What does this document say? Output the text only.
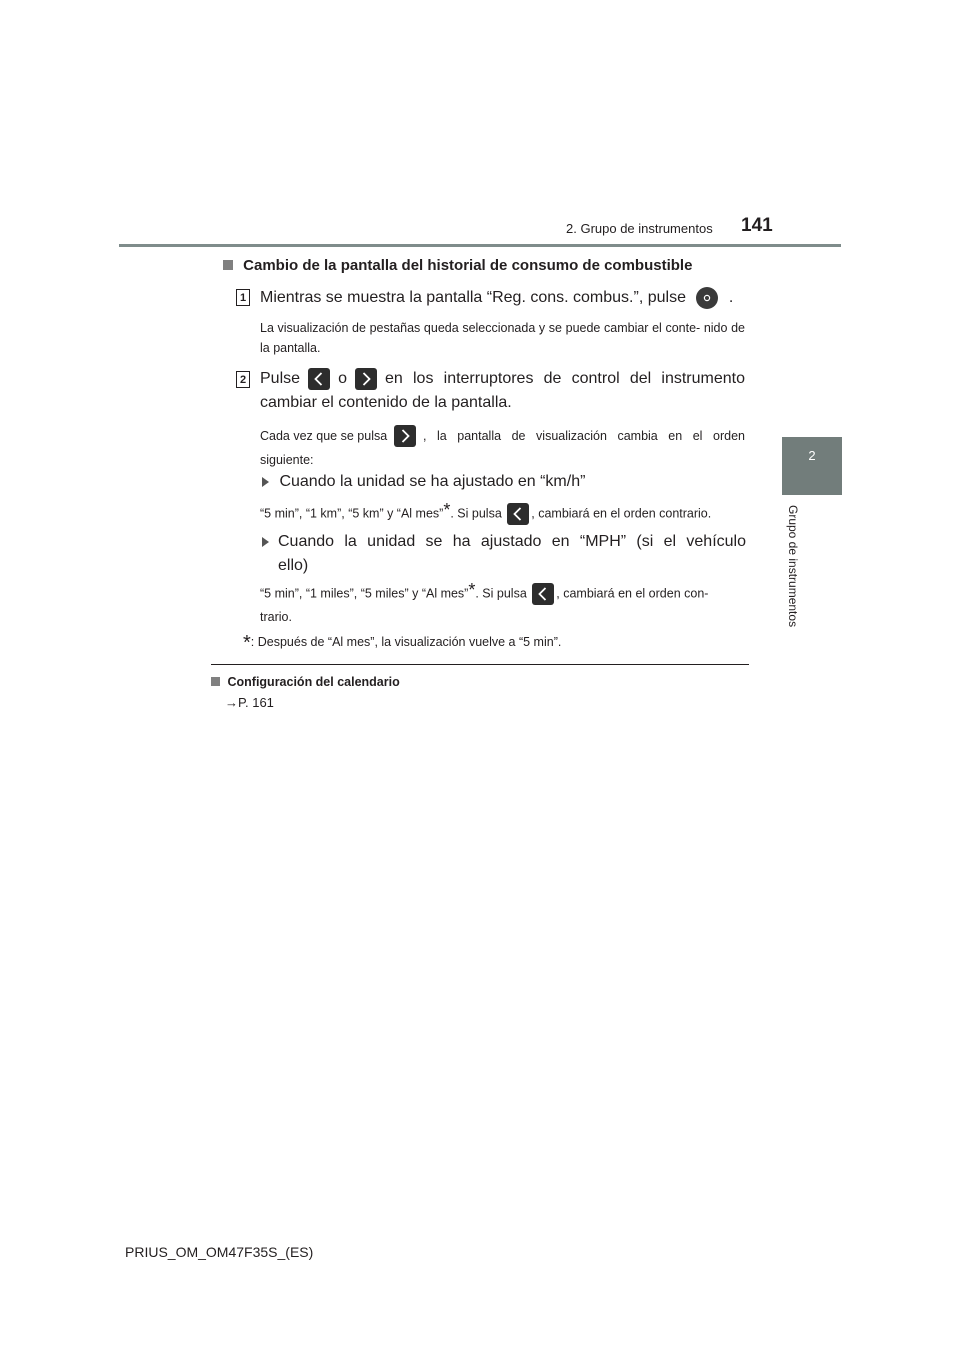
2. Grupo de instrumentos 141
2
Grupo de instrumentos
Cambio de la pantalla del historial de consumo de combustible
1 Mientras se muestra la pantalla “Reg. cons. combus.”, pulse	.
La visualización de pestañas queda seleccionada y se puede cambiar el conte- nido de la pantalla.
2 Pulse o en los interruptores de control del instrumento
cambiar el contenido de la pantalla.
Cada vez que se pulsa	, la pantalla de visualización cambia en el orden
siguiente:
Cuando la unidad se ha ajustado en “km/h”
“5 min”, “1 km”, “5 km” y “Al mes”*. Si pulsa , cambiará en el orden contrario.
Cuando la unidad se ha ajustado en “MPH” (si el vehículo
ello)
“5 min”, “1 miles”, “5 miles” y “Al mes”*. Si pulsa , cambiará en el orden con-
trario.
*: Después de “Al mes”, la visualización vuelve a “5 min”.
Configuración del calendario
→P. 161
PRIUS_OM_OM47F35S_(ES)
